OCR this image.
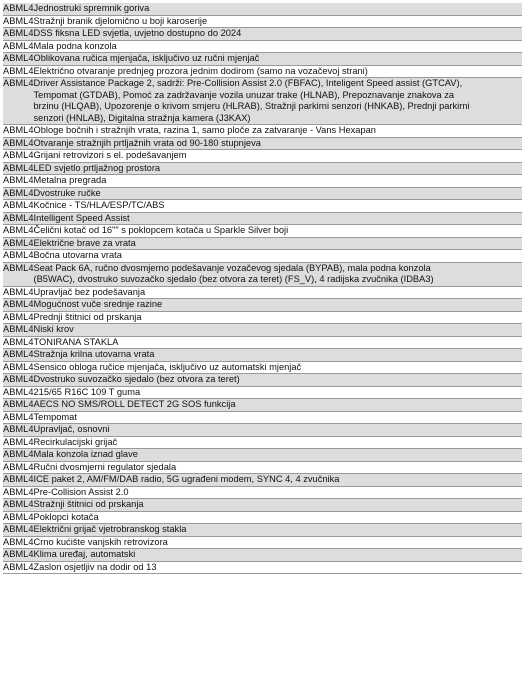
ABML4 Jednostruki spremnik goriva
ABML4 Stražnji branik djelomično u boji karoserije
ABML4 DSS fiksna LED svjetla, uvjetno dostupno do 2024
ABML4 Mala podna konzola
ABML4 Oblikovana ručica mjenjača, isključivo uz ručni mjenjač
ABML4 Električno otvaranje prednjeg prozora jednim dodirom (samo na vozačevoj strani)
ABML4 Driver Assistance Package 2, sadrži: Pre-Collision Assist 2.0 (FBFAC), Inteligent Speed assist (GTCAV), Tempomat (GTDAB), Pomoć za zadržavanje vozila unuzar trake (HLNAB), Prepoznavanje znakova za brzinu (HLQAB), Upozorenje o krivom smjeru (HLRAB), Stražnji parkirni senzori (HNKAB), Prednji parkirni senzori (HNLAB), Digitalna stražnja kamera (J3KAX)
ABML4 Obloge bočnih i stražnjih vrata, razina 1, samo ploče za zatvaranje - Vans Hexapan
ABML4 Otvaranje stražnjih prtljažnih vrata od 90-180 stupnjeva
ABML4 Grijani retrovizori s el. podešavanjem
ABML4 LED svjetlo prtljažnog prostora
ABML4 Metalna pregrada
ABML4 Dvostruke ručke
ABML4 Kočnice - TS/HLA/ESP/TC/ABS
ABML4 Intelligent Speed Assist
ABML4 Čelični kotač od 16"" s poklopcem kotača u Sparkle Silver boji
ABML4 Električne brave za vrata
ABML4 Bočna utovarna vrata
ABML4 Seat Pack 6A, ručno dvosmjerno podešavanje vozačevog sjedala (BYPAB), mala podna konzola (B5WAC), dvostruko suvozačko sjedalo (bez otvora za teret) (FS_V), 4 radijska zvučnika (IDBA3)
ABML4 Upravljač bez podešavanja
ABML4 Mogućnost vuče srednje razine
ABML4 Prednji štitnici od prskanja
ABML4 Niski krov
ABML4 TONIRANA STAKLA
ABML4 Stražnja krilna utovarna vrata
ABML4 Sensico obloga ručice mjenjača, isključivo uz automatski mjenjač
ABML4 Dvostruko suvozačko sjedalo (bez otvora za teret)
ABML4 215/65 R16C 109 T guma
ABML4 AECS NO SMS/ROLL DETECT 2G SOS funkcija
ABML4 Tempomat
ABML4 Upravljač, osnovni
ABML4 Recirkulacijski grijač
ABML4 Mala konzola iznad glave
ABML4 Ručni dvosmjerni regulator sjedala
ABML4 ICE paket 2, AM/FM/DAB radio, 5G ugrađeni modem, SYNC 4, 4 zvučnika
ABML4 Pre-Collision Assist 2.0
ABML4 Stražnji štitnici od prskanja
ABML4 Poklopci kotača
ABML4 Električni grijač vjetrobranskog stakla
ABML4 Crno kućište vanjskih retrovizora
ABML4 Klima uređaj, automatski
ABML4 Zaslon osjetljiv na dodir od 13
